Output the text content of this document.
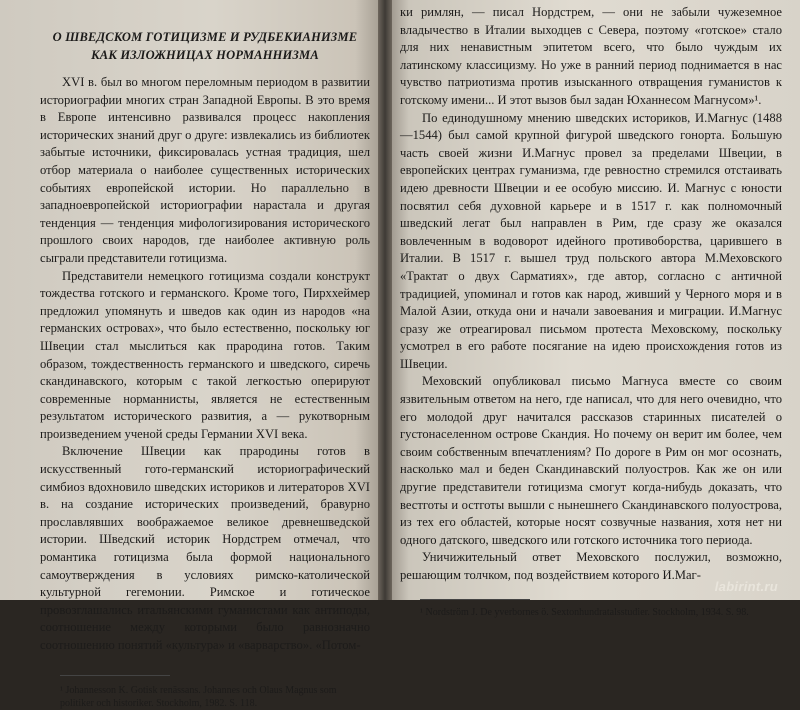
О ШВЕДСКОМ ГОТИЦИЗМЕ И РУДБЕКИАНИЗМЕ
КАК ИЗЛОЖНИЦАХ НОРМАННИЗМА

XVI в. был во многом переломным периодом в развитии историографии многих стран Западной Европы. В это время в Европе интенсивно развивался процесс накопления исторических знаний друг о друге: извлекались из библиотек забытые источники, фиксировалась устная традиция, шел отбор материала о наиболее существенных исторических событиях европейской истории. Но параллельно в западноевропейской историографии нарастала и другая тенденция — тенденция мифологизирования исторического прошлого своих народов, где наиболее активную роль сыграли представители готицизма.

Представители немецкого готицизма создали конструкт тождества готского и германского. Кроме того, Пирххеймер предложил упомянуть и шведов как один из народов «на германских островах», что было естественно, поскольку юг Швеции стал мыслиться как прародина готов. Таким образом, тождественность германского и шведского, сиречь скандинавского, которым с такой легкостью оперируют современные норманнисты, является не естественным результатом исторического развития, а — рукотворным произведением ученой среды Германии XVI века.

Включение Швеции как прародины готов в искусственный гото-германский историографический симбиоз вдохновило шведских историков и литераторов XVI в. на создание исторических произведений, бравурно прославлявших воображаемое великое древнешведской истории. Шведский историк Нордстрем отмечал, что романтика готицизма была формой национального самоутверждения в условиях римско-католической культурной гегемонии. Римское и готическое провозглашались итальянскими гуманистами как антиподы, соотношение между которыми было равнозначно соотношению понятий «культура» и «варварство». «Потом-

¹ Johannesson K. Gotisk renässans. Johannes och Olaus Magnus som politiker och historiker. Stockholm, 1982. S. 118.

ки римлян, — писал Нордстрем, — они не забыли чужеземное владычество в Италии выходцев с Севера, поэтому «готское» стало для них ненавистным эпитетом всего, что было чуждым их латинскому классицизму. Но уже в ранний период поднимается в нас чувство патриотизма против изысканного отвращения гуманистов к готскому имени... И этот вызов был задан Юханнесом Магнусом»¹.

По единодушному мнению шведских историков, И.Магнус (1488—1544) был самой крупной фигурой шведского гонорта. Большую часть своей жизни И.Магнус провел за пределами Швеции, в европейских центрах гуманизма, где ревностно стремился отстаивать идею древности Швеции и ее особую миссию. И. Магнус с юности посвятил себя духовной карьере и в 1517 г. как полномочный шведский легат был направлен в Рим, где сразу же оказался вовлеченным в водоворот идейного противоборства, царившего в Италии. В 1517 г. вышел труд польского автора М.Меховского «Трактат о двух Сарматиях», где автор, согласно с античной традицией, упоминал и готов как народ, живший у Черного моря и в Малой Азии, откуда они и начали завоевания и миграции. И.Магнус сразу же отреагировал письмом протеста Меховскому, поскольку усмотрел в его работе посягание на идею происхождения готов из Швеции.

Меховский опубликовал письмо Магнуса вместе со своим язвительным ответом на него, где написал, что для него очевидно, что его молодой друг начитался рассказов старинных писателей о густонаселенном острове Скандия. Но почему он верит им более, чем своим собственным впечатлениям? По дороге в Рим он мог осознать, насколько мал и беден Скандинавский полуостров. Как же он или другие представители готицизма смогут когда-нибудь доказать, что вестготы и остготы вышли с нынешнего Скандинавского полуострова, из тех его областей, которые носят созвучные названия, хотя нет ни одного датского, шведского или готского источника того периода.

Уничижительный ответ Меховского послужил, возможно, решающим толчком, под воздействием которого И.Маг-

¹ Nordström J. De yverbornes ö. Sextonhundratalsstudier. Stockholm, 1934. S. 98.
labirint.ru
